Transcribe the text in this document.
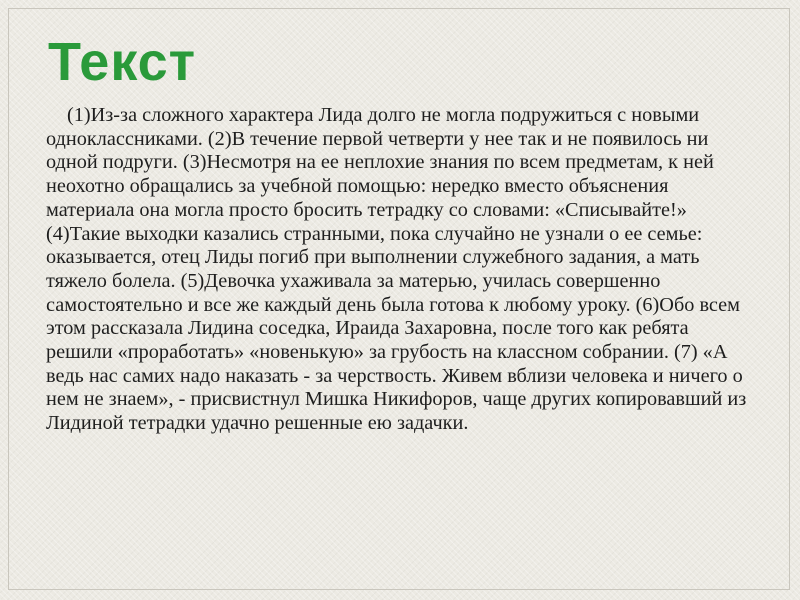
Текст

(1)Из-за сложного характера Лида долго не могла подружиться с новыми одноклассниками. (2)В течение первой четверти у нее так и не появилось ни одной подруги. (3)Несмотря на ее неплохие знания по всем предметам, к ней неохотно обращались за учебной помощью: нередко вместо объяснения материала она могла просто бросить тетрадку со словами: «Списывайте!» (4)Такие выходки казались странными, пока случайно не узнали о ее семье: оказывается, отец Лиды погиб при выполнении служебного задания, а мать тяжело болела. (5)Девочка ухаживала за матерью, училась совершенно самостоятельно и все же каждый день была готова к любому уроку. (6)Обо всем этом рассказала Лидина соседка, Ираида Захаровна, после того как ребята решили «проработать» «новенькую» за грубость на классном собрании. (7) «А ведь нас самих надо наказать - за черствость. Живем вблизи человека и ничего о нем не знаем», - присвистнул Мишка Никифоров, чаще других копировавший из Лидиной тетрадки удачно решенные ею задачки.
